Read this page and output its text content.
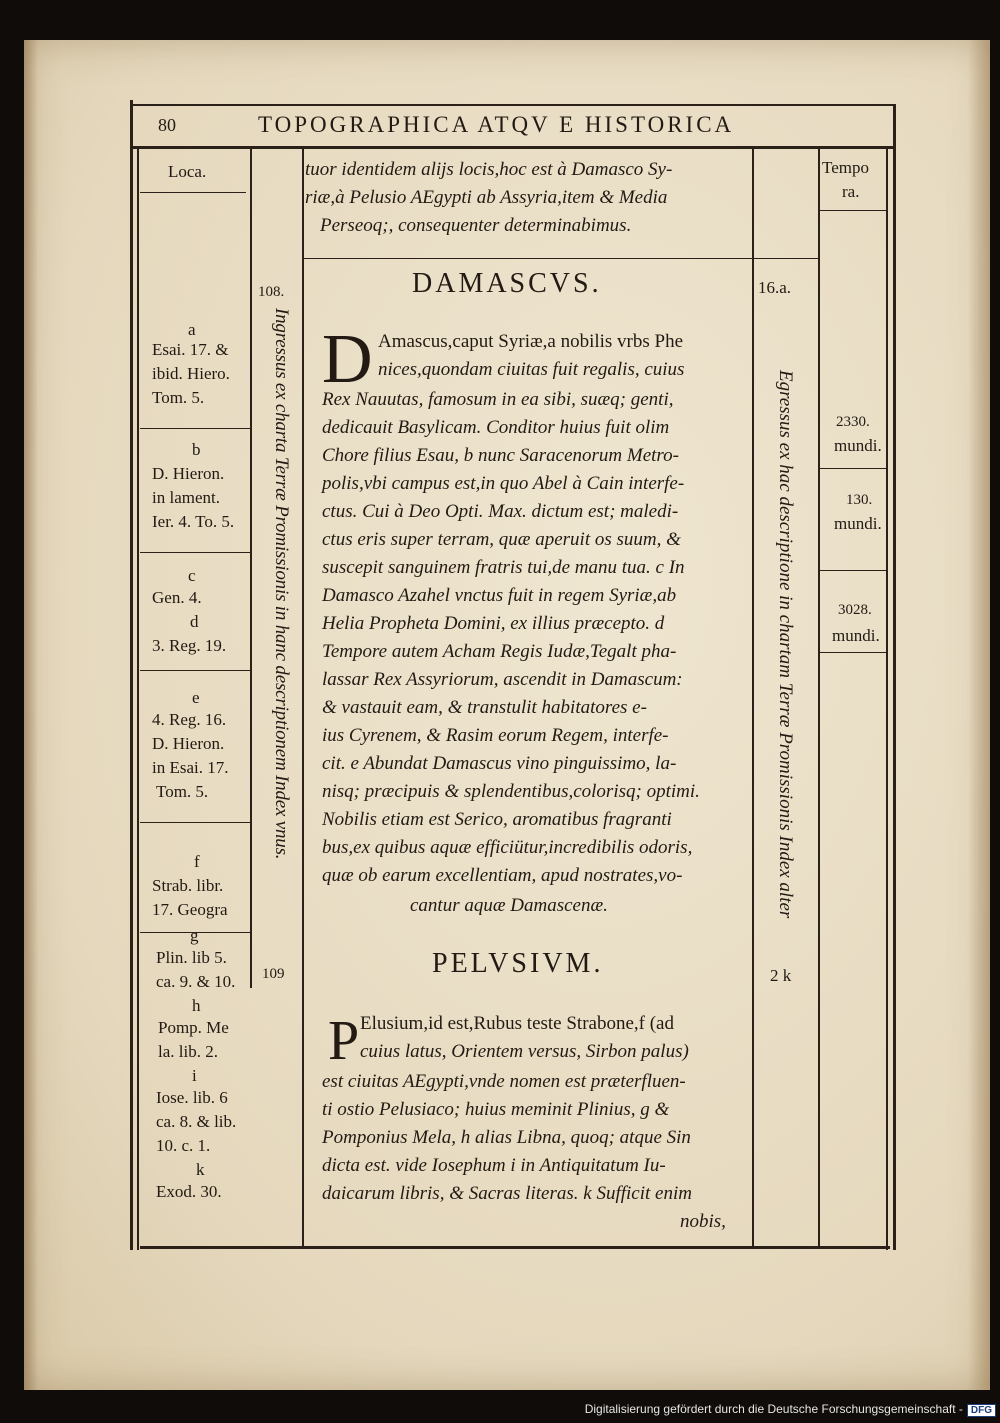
80	TOPOGRAPHICA ATQV E HISTORICA
Loca.	Tempo
ra.
tuor identidem alijs locis,hoc est à Damasco Sy-
riæ,à Pelusio AEgypti ab Assyria,item & Media
Perseoq;, consequenter determinabimus.
DAMASCVS.
108.	16.a.
D Amascus,caput Syriæ,a nobilis vrbs Phe
nices,quondam ciuitas fuit regalis, cuius
Rex Nauutas, famosum in ea sibi, suæq; genti,
dedicauit Basylicam. Conditor huius fuit olim
Chore filius Esau, b nunc Saracenorum Metro-
polis,vbi campus est,in quo Abel à Cain interfe-
ctus. Cui à Deo Opti. Max. dictum est; maledi-
ctus eris super terram, quæ aperuit os suum, &
suscepit sanguinem fratris tui,de manu tua. c In
Damasco Azahel vnctus fuit in regem Syriæ,ab
Helia Propheta Domini, ex illius præcepto. d
Tempore autem Acham Regis Iudæ,Tegalt pha-
lassar Rex Assyriorum, ascendit in Damascum:
& vastauit eam, & transtulit habitatores e-
ius Cyrenem, & Rasim eorum Regem, interfe-
cit. e Abundat Damascus vino pinguissimo, la-
nisq; præcipuis & splendentibus,colorisq; optimi.
Nobilis etiam est Serico, aromatibus fragranti
bus,ex quibus aquæ efficiütur,incredibilis odoris,
quæ ob earum excellentiam, apud nostrates,vo-
cantur aquæ Damascenæ.
PELVSIVM.
109	2 k
P Elusium,id est,Rubus teste Strabone,f (ad
cuius latus, Orientem versus, Sirbon palus)
est ciuitas AEgypti,vnde nomen est præterfluen-
ti ostio Pelusiaco; huius meminit Plinius, g &
Pomponius Mela, h alias Libna, quoq; atque Sin
dicta est. vide Iosephum i in Antiquitatum Iu-
daicarum libris, & Sacras literas. k Sufficit enim
nobis,
Ingressus ex charta Terræ Promissionis in hanc descriptionem Index vnus.	Egressus ex hac descriptione in chartam Terræ Promissionis Index alter
a
Esai. 17. &
ibid. Hiero.
Tom. 5.
b
D. Hieron.
in lament.
Ier. 4. To. 5.
c
Gen. 4.
d
3. Reg. 19.
e
4. Reg. 16.
D. Hieron.
in Esai. 17.
Tom. 5.
f
Strab. libr.
17. Geogra
g
Plin. lib 5.
ca. 9. & 10.
h
Pomp. Me
la. lib. 2.
i
Iose. lib. 6
ca. 8. & lib.
10. c. 1.
k
Exod. 30.
2330.
mundi.
130.
mundi.
3028.
mundi.
Digitalisierung gefördert durch die Deutsche Forschungsgemeinschaft - DFG
